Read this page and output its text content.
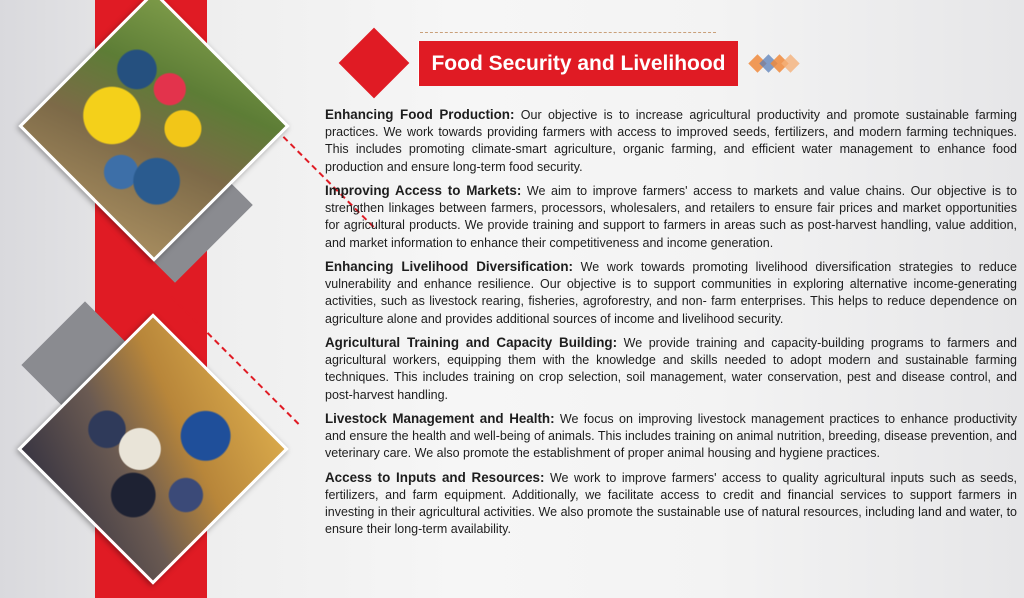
Food Security and Livelihood

Enhancing Food Production: Our objective is to increase agricultural productivity and promote sustainable farming practices. We work towards providing farmers with access to improved seeds, fertilizers, and modern farming techniques. This includes promoting climate-smart agriculture, organic farming, and efficient water management to enhance food production and ensure long-term food security.

Improving Access to Markets: We aim to improve farmers' access to markets and value chains. Our objective is to strengthen linkages between farmers, processors, wholesalers, and retailers to ensure fair prices and market opportunities for agricultural products. We provide training and support to farmers in areas such as post-harvest handling, value addition, and market information to enhance their competitiveness and income generation.

Enhancing Livelihood Diversification: We work towards promoting livelihood diversification strategies to reduce vulnerability and enhance resilience. Our objective is to support communities in exploring alternative income-generating activities, such as livestock rearing, fisheries, agroforestry, and non- farm enterprises. This helps to reduce dependence on agriculture alone and provides additional sources of income and livelihood security.

Agricultural Training and Capacity Building: We provide training and capacity-building programs to farmers and agricultural workers, equipping them with the knowledge and skills needed to adopt modern and sustainable farming techniques. This includes training on crop selection, soil management, water conservation, pest and disease control, and post-harvest handling.

Livestock Management and Health: We focus on improving livestock management practices to enhance productivity and ensure the health and well-being of animals. This includes training on animal nutrition, breeding, disease prevention, and veterinary care. We also promote the establishment of proper animal housing and hygiene practices.

Access to Inputs and Resources: We work to improve farmers' access to quality agricultural inputs such as seeds, fertilizers, and farm equipment. Additionally, we facilitate access to credit and financial services to support farmers in investing in their agricultural activities. We also promote the sustainable use of natural resources, including land and water, to ensure their long-term availability.
